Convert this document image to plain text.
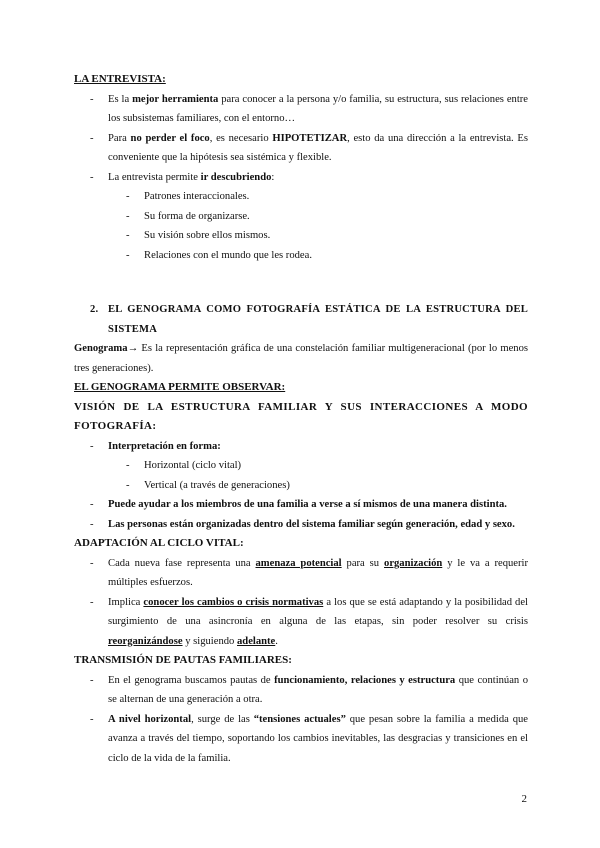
LA ENTREVISTA:
- Es la mejor herramienta para conocer a la persona y/o familia, su estructura, sus relaciones entre los subsistemas familiares, con el entorno…
- Para no perder el foco, es necesario HIPOTETIZAR, esto da una dirección a la entrevista. Es conveniente que la hipótesis sea sistémica y flexible.
- La entrevista permite ir descubriendo:
- Patrones interaccionales.
- Su forma de organizarse.
- Su visión sobre ellos mismos.
- Relaciones con el mundo que les rodea.
2. EL GENOGRAMA COMO FOTOGRAFÍA ESTÁTICA DE LA ESTRUCTURA DEL SISTEMA
Genograma→ Es la representación gráfica de una constelación familiar multigeneracional (por lo menos tres generaciones).
EL GENOGRAMA PERMITE OBSERVAR:
VISIÓN DE LA ESTRUCTURA FAMILIAR Y SUS INTERACCIONES A MODO FOTOGRAFÍA:
- Interpretación en forma:
- Horizontal (ciclo vital)
- Vertical (a través de generaciones)
- Puede ayudar a los miembros de una familia a verse a sí mismos de una manera distinta.
- Las personas están organizadas dentro del sistema familiar según generación, edad y sexo.
ADAPTACIÓN AL CICLO VITAL:
- Cada nueva fase representa una amenaza potencial para su organización y le va a requerir múltiples esfuerzos.
- Implica conocer los cambios o crisis normativas a los que se está adaptando y la posibilidad del surgimiento de una asincronía en alguna de las etapas, sin poder resolver su crisis reorganizándose y siguiendo adelante.
TRANSMISIÓN DE PAUTAS FAMILIARES:
- En el genograma buscamos pautas de funcionamiento, relaciones y estructura que continúan o se alternan de una generación a otra.
- A nivel horizontal, surge de las “tensiones actuales” que pesan sobre la familia a medida que avanza a través del tiempo, soportando los cambios inevitables, las desgracias y transiciones en el ciclo de la vida de la familia.
2
